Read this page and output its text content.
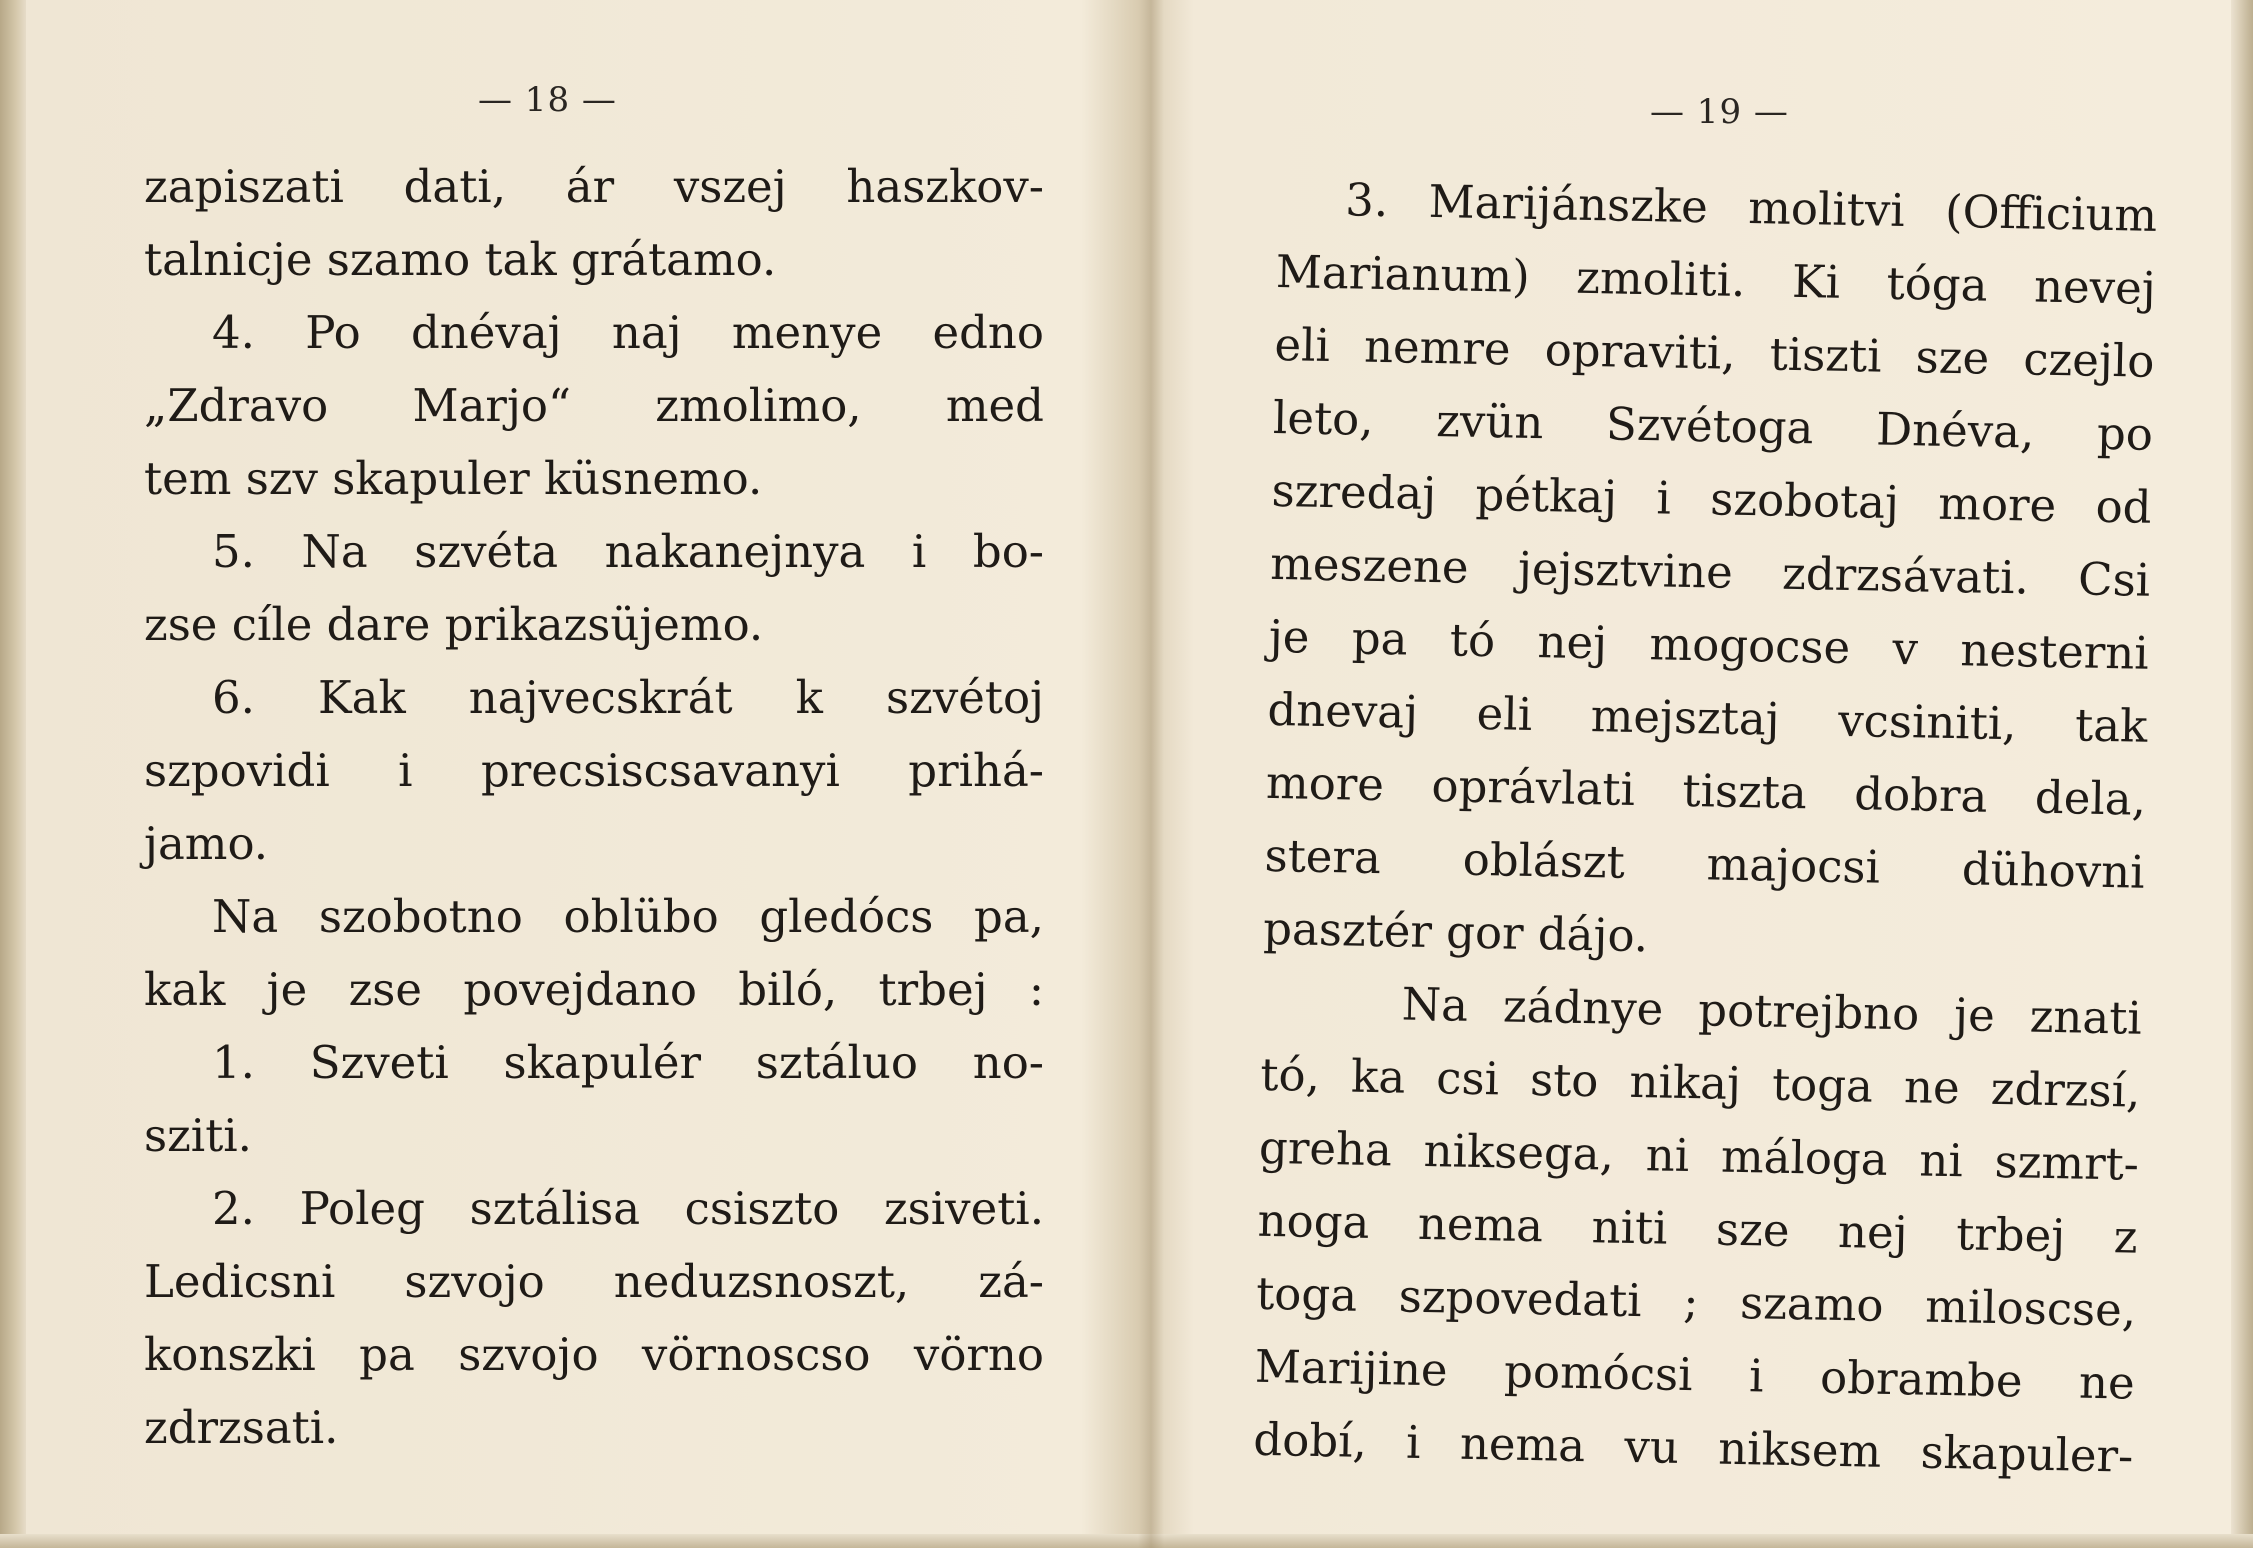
— 18 —
zapiszati dati, ár vszej haszkov-
talnicje szamo tak grátamo.
4. Po dnévaj naj menye edno
„Zdravo Marjo“ zmolimo, med
tem szv skapuler küsnemo.
5. Na szvéta nakanejnya i bo-
zse cíle dare prikazsüjemo.
6. Kak najvecskrát k szvétoj
szpovidi i precsiscsavanyi prihá-
jamo.
Na szobotno oblübo gledócs pa,
kak je zse povejdano biló, trbej :
1. Szveti skapulér sztáluo no-
sziti.
2. Poleg sztálisa csiszto zsiveti.
Ledicsni szvojo neduzsnoszt, zá-
konszki pa szvojo vörnoscso vörno
zdrzsati.
— 19 —
3. Marijánszke molitvi (Officium
Marianum) zmoliti. Ki tóga nevej
eli nemre opraviti, tiszti sze czejlo
leto, zvün Szvétoga Dnéva, po
szredaj pétkaj i szobotaj more od
meszene jejsztvine zdrzsávati. Csi
je pa tó nej mogocse v nesterni
dnevaj eli mejsztaj vcsiniti, tak
more oprávlati tiszta dobra dela,
stera oblászt majocsi dühovni
pasztér gor dájo.
Na zádnye potrejbno je znati
tó, ka csi sto nikaj toga ne zdrzsí,
greha niksega, ni máloga ni szmrt-
noga nema niti sze nej trbej z
toga szpovedati ; szamo miloscse,
Marijine pomócsi i obrambe ne
dobí, i nema vu niksem skapuler-
